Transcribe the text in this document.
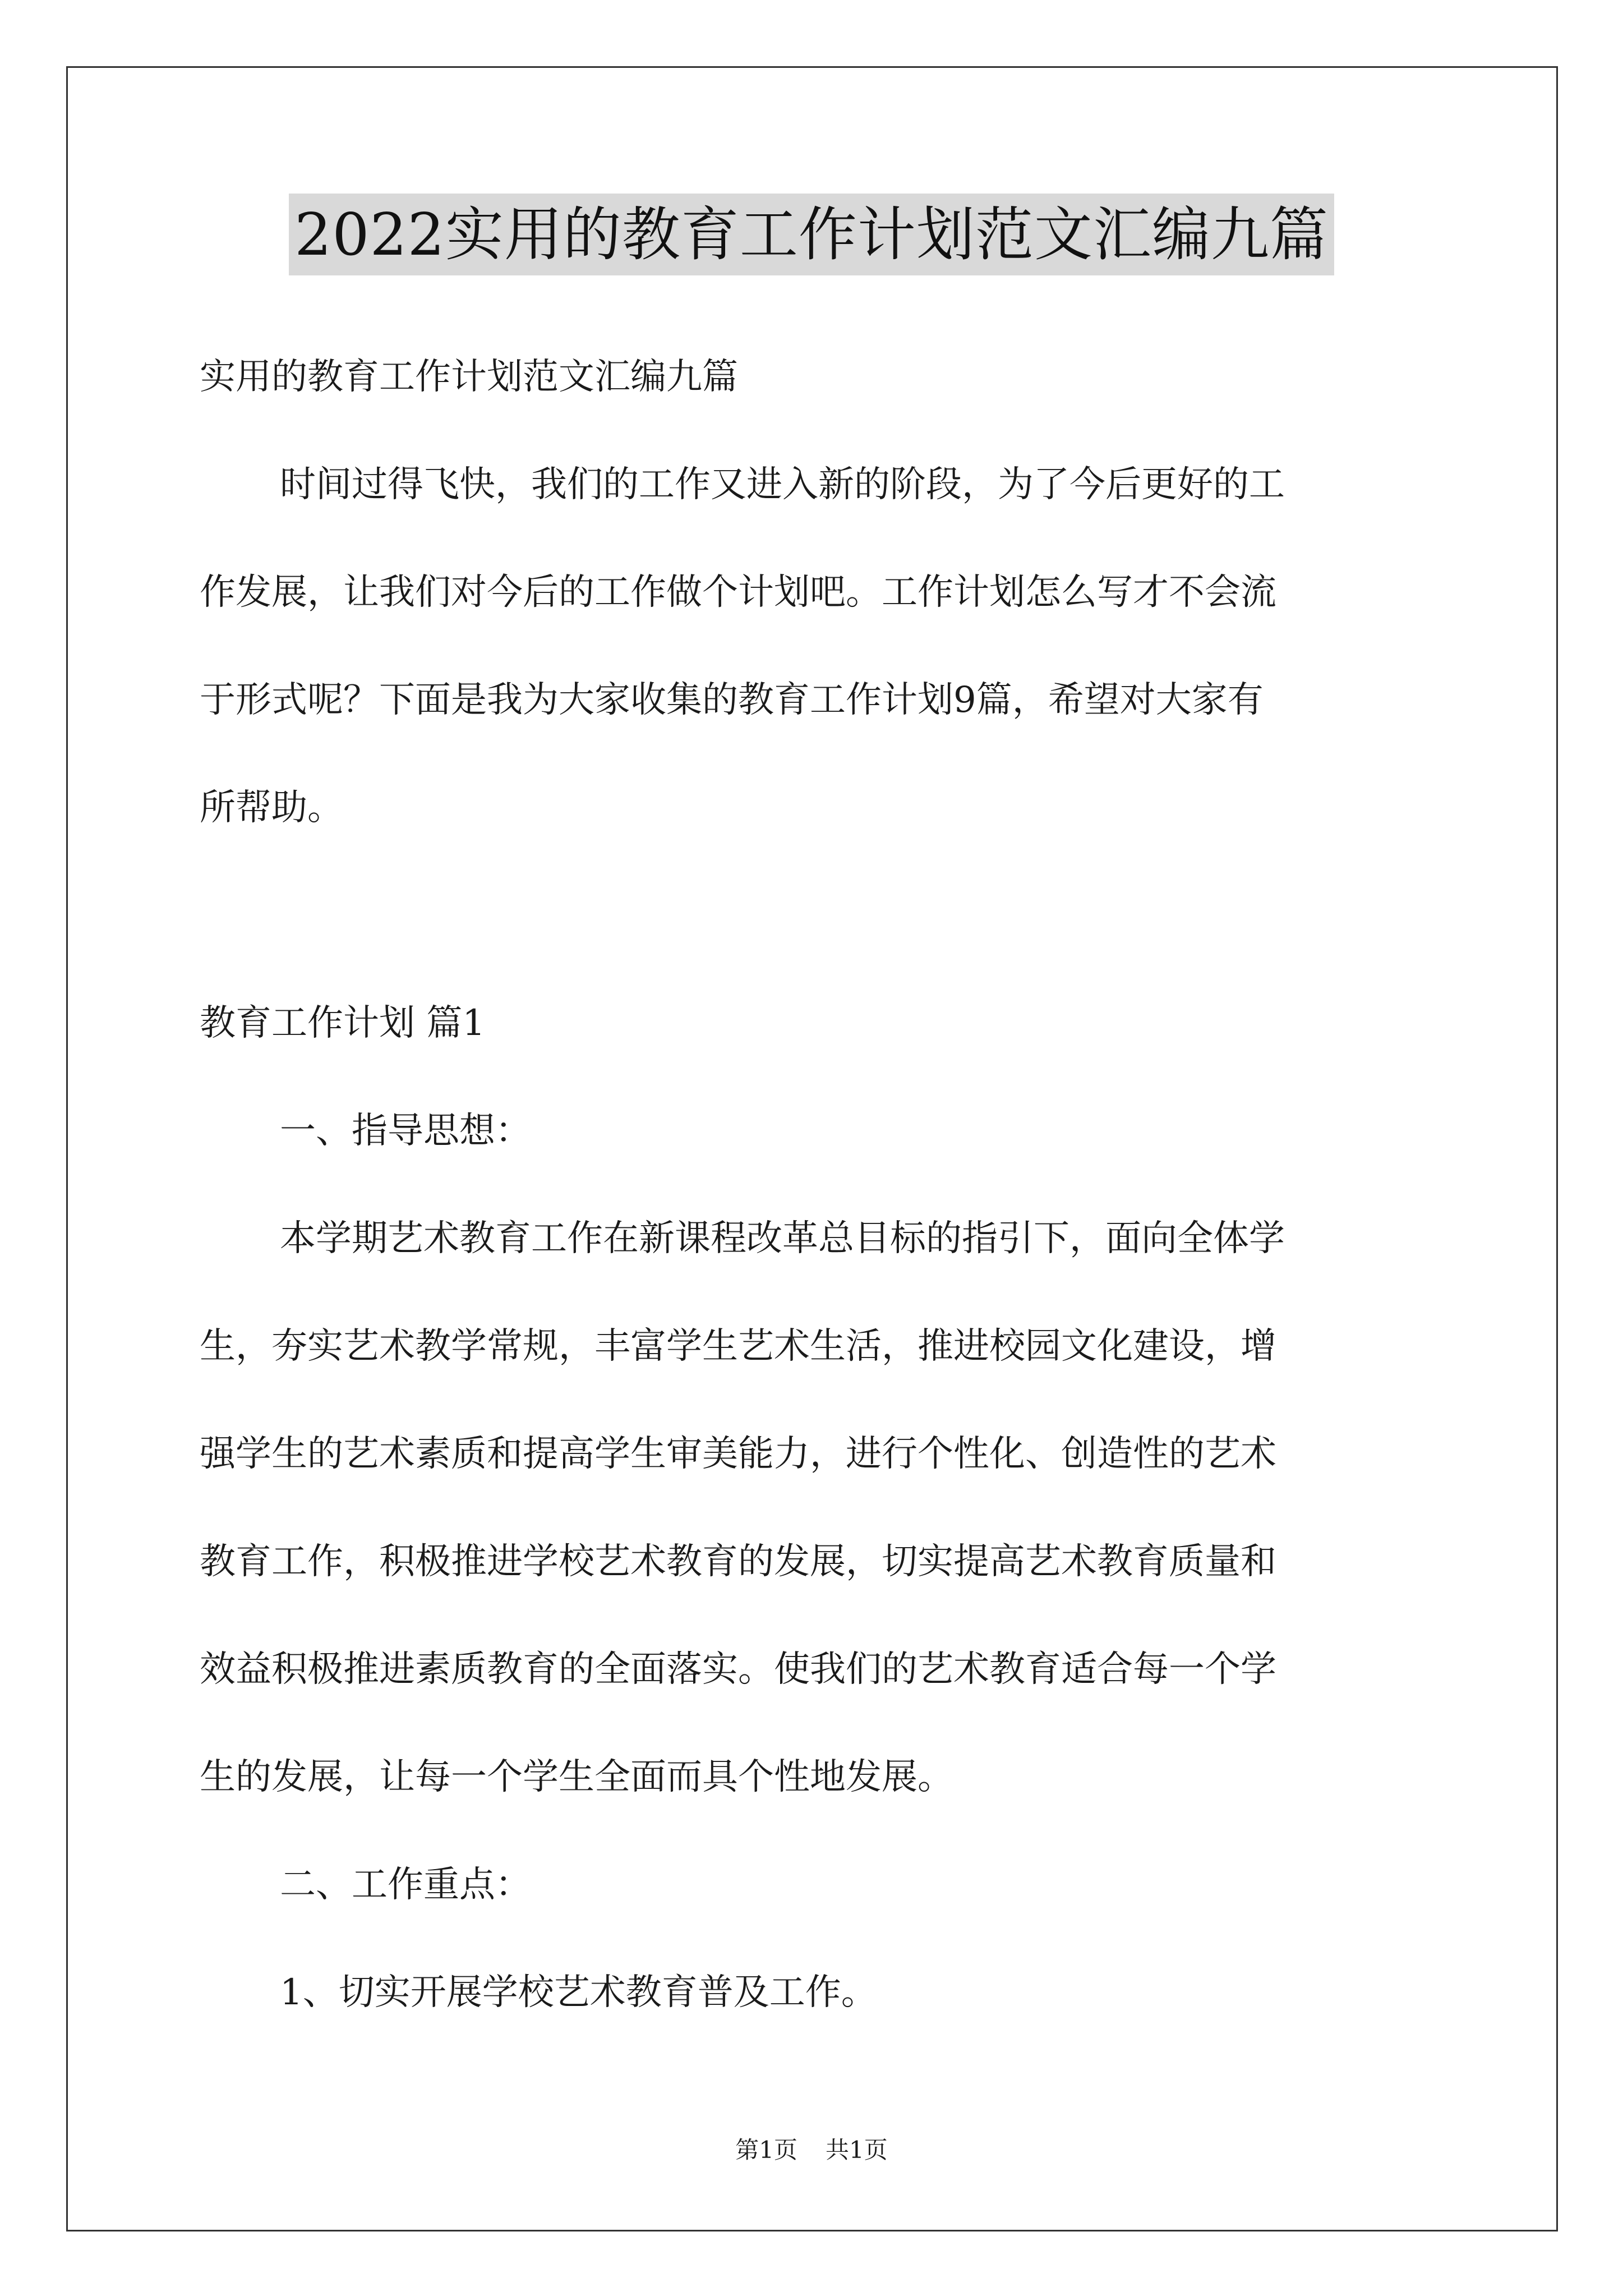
2022实用的教育工作计划范文汇编九篇

实用的教育工作计划范文汇编九篇

时间过得飞快，我们的工作又进入新的阶段，为了今后更好的工

作发展，让我们对今后的工作做个计划吧。工作计划怎么写才不会流

于形式呢？下面是我为大家收集的教育工作计划9篇，希望对大家有

所帮助。

教育工作计划 篇1

一、指导思想：

本学期艺术教育工作在新课程改革总目标的指引下，面向全体学

生，夯实艺术教学常规，丰富学生艺术生活，推进校园文化建设，增

强学生的艺术素质和提高学生审美能力，进行个性化、创造性的艺术

教育工作，积极推进学校艺术教育的发展，切实提高艺术教育质量和

效益积极推进素质教育的全面落实。使我们的艺术教育适合每一个学

生的发展，让每一个学生全面而具个性地发展。

二、工作重点：

1、切实开展学校艺术教育普及工作。

第1页 共1页
